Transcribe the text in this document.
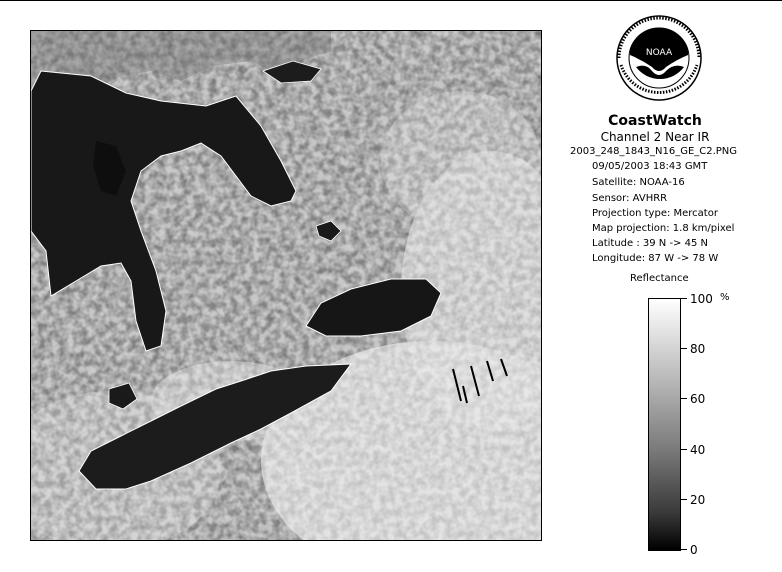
NOAA
CoastWatch
Channel 2 Near IR
2003_248_1843_N16_GE_C2.PNG
09/05/2003 18:43 GMT
Satellite: NOAA-16
Sensor: AVHRR
Projection type: Mercator
Map projection: 1.8 km/pixel
Latitude : 39 N -> 45 N
Longitude: 87 W -> 78 W
Reflectance
%
100
80
60
40
20
0
